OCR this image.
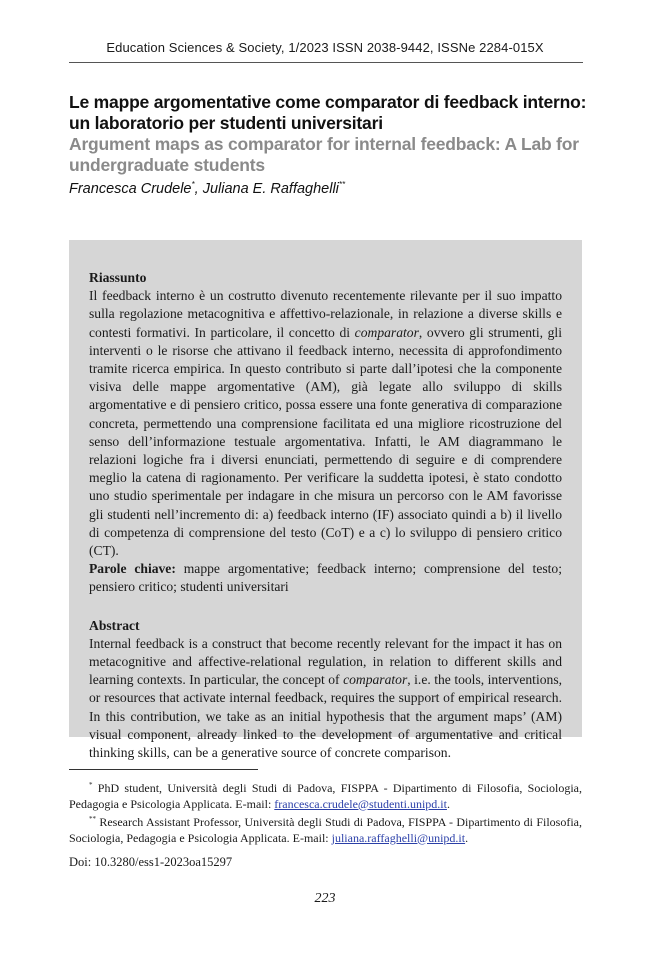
Education Sciences & Society, 1/2023 ISSN 2038-9442, ISSNe 2284-015X
Le mappe argomentative come comparator di feedback interno: un laboratorio per studenti universitari
Argument maps as comparator for internal feedback: A Lab for undergraduate students
Francesca Crudele*, Juliana E. Raffaghelli**
Riassunto

Il feedback interno è un costrutto divenuto recentemente rilevante per il suo impatto sulla regolazione metacognitiva e affettivo-relazionale, in relazione a diverse skills e contesti formativi. In particolare, il concetto di comparator, ovvero gli strumenti, gli interventi o le risorse che attivano il feedback interno, necessita di approfondimento tramite ricerca empirica. In questo contributo si parte dall’ipotesi che la componente visiva delle mappe argomentative (AM), già legate allo sviluppo di skills argomentative e di pensiero critico, possa essere una fonte generativa di comparazione concreta, permettendo una comprensione facilitata ed una migliore ricostruzione del senso dell’informazione testuale argomentativa. Infatti, le AM diagrammano le relazioni logiche fra i diversi enunciati, permettendo di seguire e di comprendere meglio la catena di ragionamento. Per verificare la suddetta ipotesi, è stato condotto uno studio sperimentale per indagare in che misura un percorso con le AM favorisse gli studenti nell’incremento di: a) feedback interno (IF) associato quindi a b) il livello di competenza di comprensione del testo (CoT) e a c) lo sviluppo di pensiero critico (CT).

Parole chiave: mappe argomentative; feedback interno; comprensione del testo; pensiero critico; studenti universitari

Abstract

Internal feedback is a construct that become recently relevant for the impact it has on metacognitive and affective-relational regulation, in relation to different skills and learning contexts. In particular, the concept of comparator, i.e. the tools, interventions, or resources that activate internal feedback, requires the support of empirical research. In this contribution, we take as an initial hypothesis that the argument maps’ (AM) visual component, already linked to the development of argumentative and critical thinking skills, can be a generative source of concrete comparison.

* PhD student, Università degli Studi di Padova, FISPPA - Dipartimento di Filosofia, Sociologia, Pedagogia e Psicologia Applicata. E-mail: francesca.crudele@studenti.unipd.it.

** Research Assistant Professor, Università degli Studi di Padova, FISPPA - Dipartimento di Filosofia, Sociologia, Pedagogia e Psicologia Applicata. E-mail: juliana.raffaghelli@unipd.it.

Doi: 10.3280/ess1-2023oa15297
223
